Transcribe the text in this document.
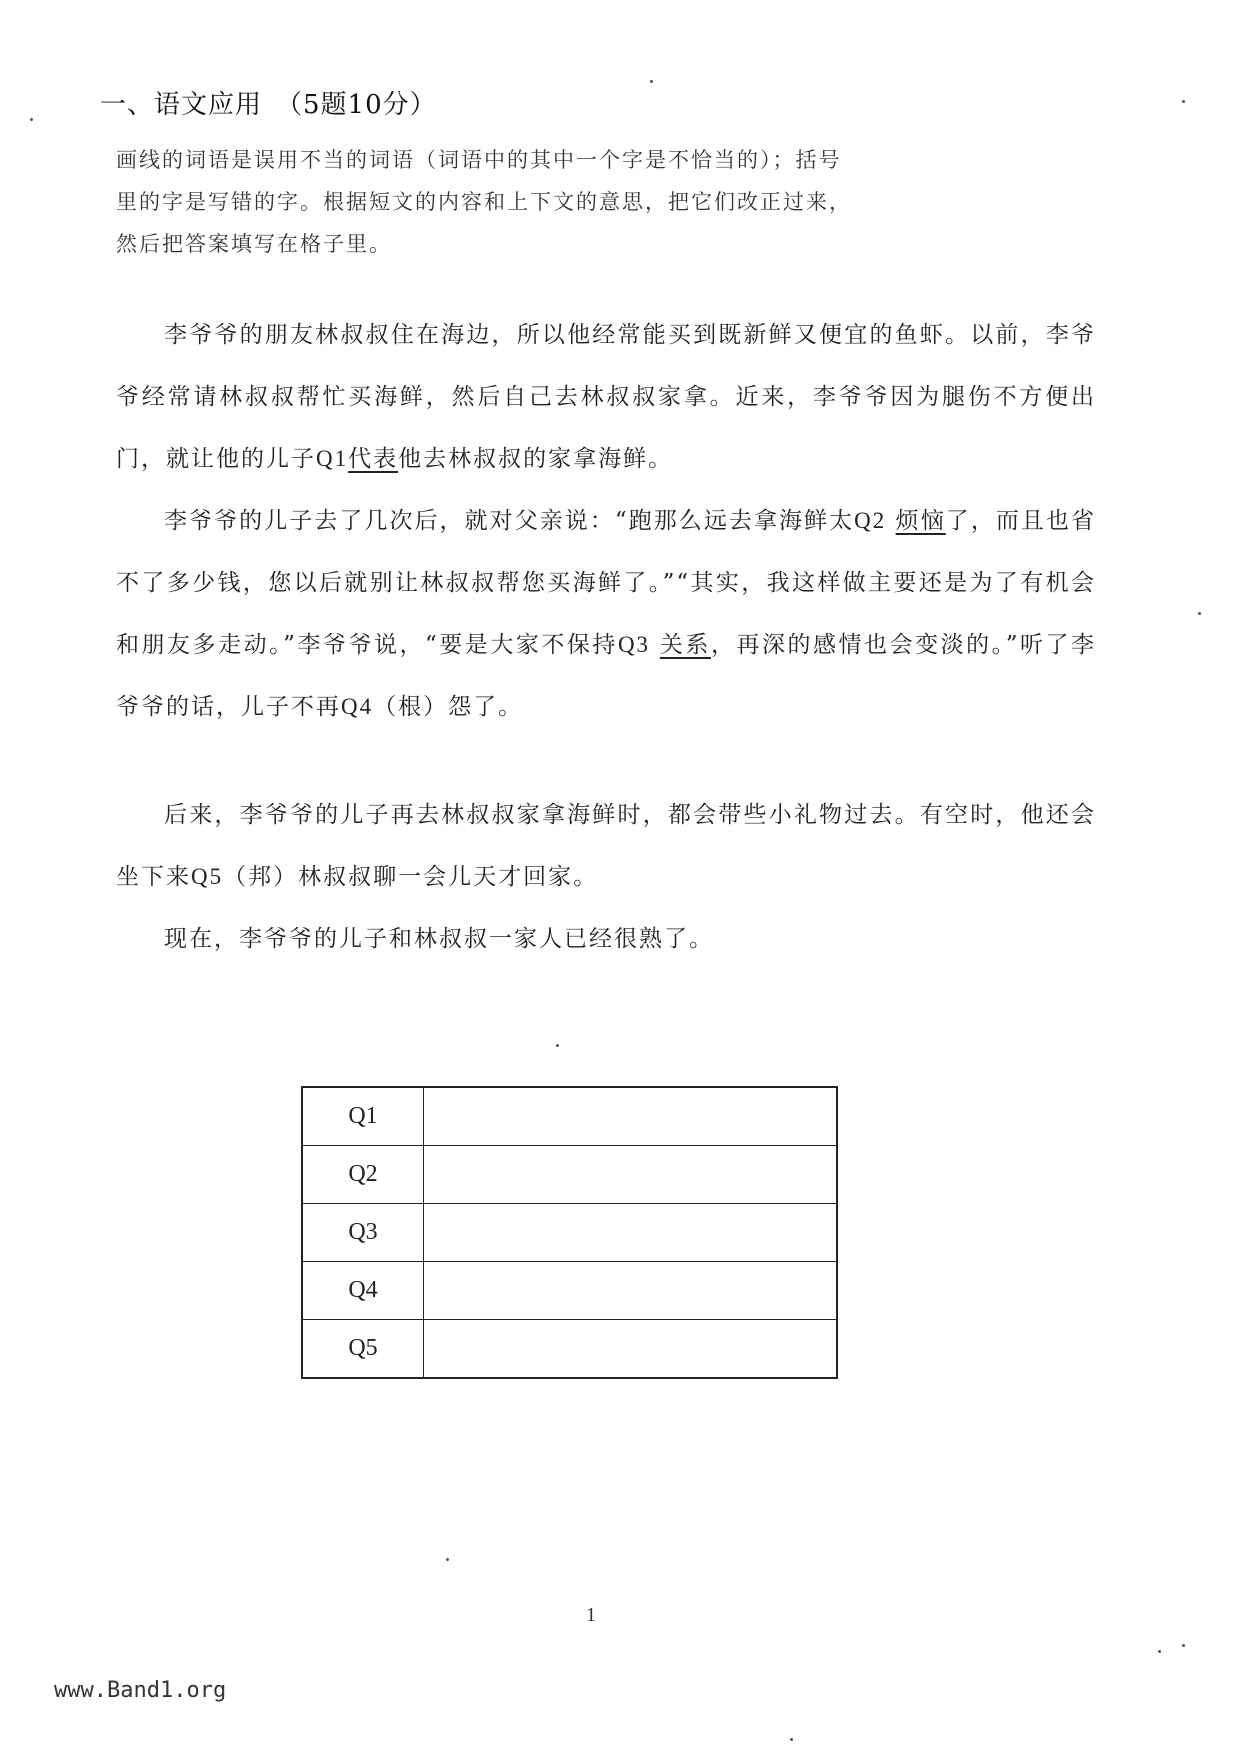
一、语文应用　（5题10分）
画线的词语是误用不当的词语（词语中的其中一个字是不恰当的）；括号
里的字是写错的字。根据短文的内容和上下文的意思，把它们改正过来，
然后把答案填写在格子里。
李爷爷的朋友林叔叔住在海边，所以他经常能买到既新鲜又便宜的鱼虾。以前，李爷爷经常请林叔叔帮忙买海鲜，然后自己去林叔叔家拿。近来，李爷爷因为腿伤不方便出门，就让他的儿子Q1代表他去林叔叔的家拿海鲜。
李爷爷的儿子去了几次后，就对父亲说：“跑那么远去拿海鲜太Q2 烦恼了，而且也省不了多少钱，您以后就别让林叔叔帮您买海鲜了。”“其实，我这样做主要还是为了有机会和朋友多走动。”李爷爷说，“要是大家不保持Q3 关系，再深的感情也会变淡的。”听了李爷爷的话，儿子不再Q4（根）怨了。
后来，李爷爷的儿子再去林叔叔家拿海鲜时，都会带些小礼物过去。有空时，他还会坐下来Q5（邦）林叔叔聊一会儿天才回家。
现在，李爷爷的儿子和林叔叔一家人已经很熟了。
Q1	
Q2	
Q3	
Q4	
Q5	
1
www.Band1.org
